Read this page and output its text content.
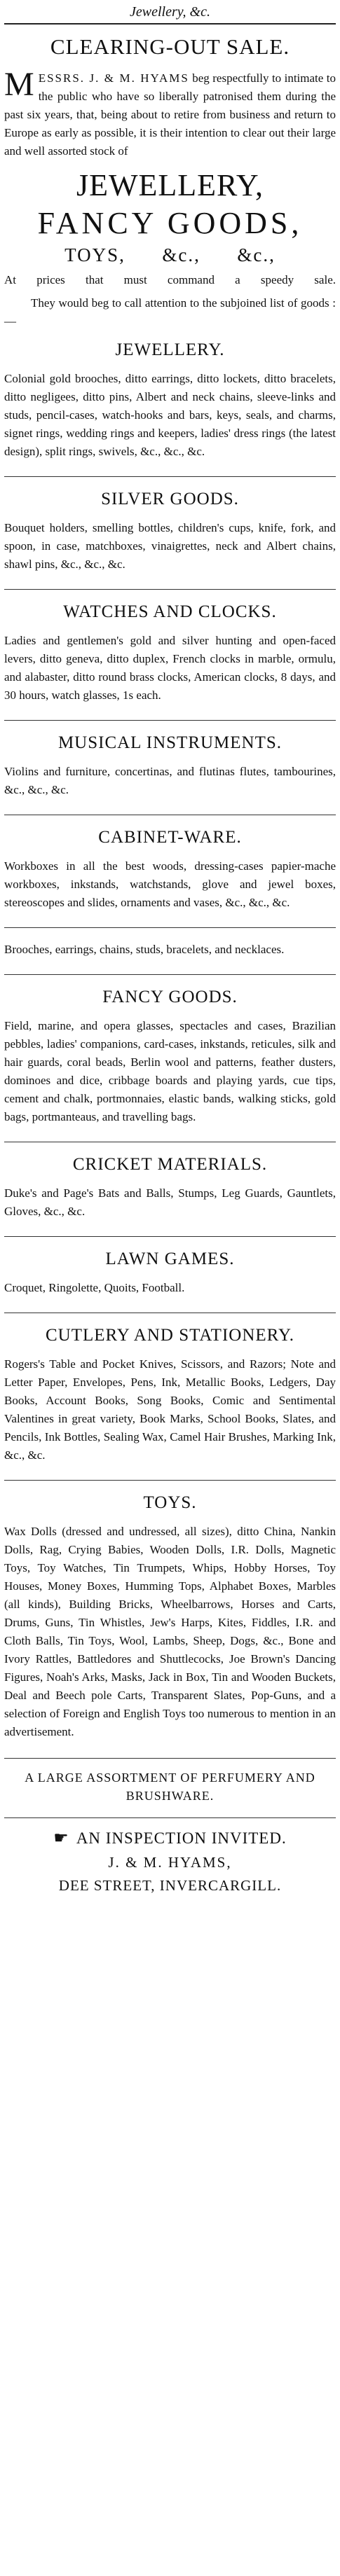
Jewellery, &c.
CLEARING-OUT SALE.

M ESSRS. J. & M. HYAMS beg respectfully to intimate to the public who have so liberally patronised them during the past six years, that, being about to retire from business and return to Europe as early as possible, it is their intention to clear out their large and well assorted stock of

JEWELLERY,
FANCY GOODS,
TOYS,      &c.,      &c.,

At prices that must command a speedy sale.

They would beg to call attention to the subjoined list of goods :—

JEWELLERY.

Colonial gold brooches, ditto earrings, ditto lockets, ditto bracelets, ditto negligees, ditto pins, Albert and neck chains, sleeve-links and studs, pencil-cases, watch-hooks and bars, keys, seals, and charms, signet rings, wedding rings and keepers, ladies' dress rings (the latest design), split rings, swivels, &c., &c., &c.

SILVER GOODS.

Bouquet holders, smelling bottles, children's cups, knife, fork, and spoon, in case, matchboxes, vinaigrettes, neck and Albert chains, shawl pins, &c., &c., &c.

WATCHES AND CLOCKS.

Ladies and gentlemen's gold and silver hunting and open-faced levers, ditto geneva, ditto duplex, French clocks in marble, ormulu, and alabaster, ditto round brass clocks, American clocks, 8 days, and 30 hours, watch glasses, 1s each.

MUSICAL INSTRUMENTS.

Violins and furniture, concertinas, and flutinas flutes, tambourines, &c., &c., &c.

CABINET-WARE.

Workboxes in all the best woods, dressing-cases papier-mache workboxes, inkstands, watchstands, glove and jewel boxes, stereoscopes and slides, ornaments and vases, &c., &c., &c.

Brooches, earrings, chains, studs, bracelets, and necklaces.

FANCY GOODS.

Field, marine, and opera glasses, spectacles and cases, Brazilian pebbles, ladies' companions, card-cases, inkstands, reticules, silk and hair guards, coral beads, Berlin wool and patterns, feather dusters, dominoes and dice, cribbage boards and playing yards, cue tips, cement and chalk, portmonnaies, elastic bands, walking sticks, gold bags, portmanteaus, and travelling bags.

CRICKET MATERIALS.

Duke's and Page's Bats and Balls, Stumps, Leg Guards, Gauntlets, Gloves, &c., &c.

LAWN GAMES.

Croquet, Ringolette, Quoits, Football.

CUTLERY AND STATIONERY.

Rogers's Table and Pocket Knives, Scissors, and Razors; Note and Letter Paper, Envelopes, Pens, Ink, Metallic Books, Ledgers, Day Books, Account Books, Song Books, Comic and Sentimental Valentines in great variety, Book Marks, School Books, Slates, and Pencils, Ink Bottles, Sealing Wax, Camel Hair Brushes, Marking Ink, &c., &c.

TOYS.

Wax Dolls (dressed and undressed, all sizes), ditto China, Nankin Dolls, Rag, Crying Babies, Wooden Dolls, I.R. Dolls, Magnetic Toys, Toy Watches, Tin Trumpets, Whips, Hobby Horses, Toy Houses, Money Boxes, Humming Tops, Alphabet Boxes, Marbles (all kinds), Building Bricks, Wheelbarrows, Horses and Carts, Drums, Guns, Tin Whistles, Jew's Harps, Kites, Fiddles, I.R. and Cloth Balls, Tin Toys, Wool, Lambs, Sheep, Dogs, &c., Bone and Ivory Rattles, Battledores and Shuttlecocks, Joe Brown's Dancing Figures, Noah's Arks, Masks, Jack in Box, Tin and Wooden Buckets, Deal and Beech pole Carts, Transparent Slates, Pop-Guns, and a selection of Foreign and English Toys too numerous to mention in an advertisement.

A LARGE ASSORTMENT OF PERFUMERY AND BRUSHWARE.
☛ AN INSPECTION INVITED.
J. & M. HYAMS,
DEE STREET, INVERCARGILL.
